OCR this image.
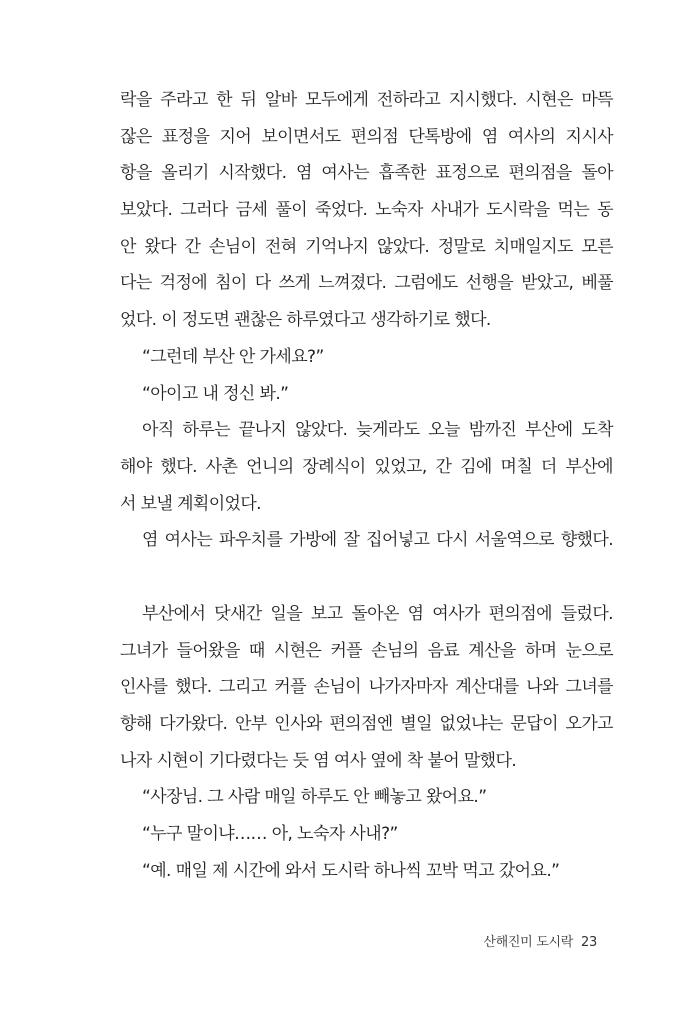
락을 주라고 한 뒤 알바 모두에게 전하라고 지시했다. 시현은 마뜩
잖은 표정을 지어 보이면서도 편의점 단톡방에 염 여사의 지시사
항을 올리기 시작했다. 염 여사는 흡족한 표정으로 편의점을 돌아
보았다. 그러다 금세 풀이 죽었다. 노숙자 사내가 도시락을 먹는 동
안 왔다 간 손님이 전혀 기억나지 않았다. 정말로 치매일지도 모른
다는 걱정에 침이 다 쓰게 느껴졌다. 그럼에도 선행을 받았고, 베풀
었다. 이 정도면 괜찮은 하루였다고 생각하기로 했다.
“그런데 부산 안 가세요?”
“아이고 내 정신 봐.”
아직 하루는 끝나지 않았다. 늦게라도 오늘 밤까진 부산에 도착
해야 했다. 사촌 언니의 장례식이 있었고, 간 김에 며칠 더 부산에
서 보낼 계획이었다.
염 여사는 파우치를 가방에 잘 집어넣고 다시 서울역으로 향했다.
부산에서 닷새간 일을 보고 돌아온 염 여사가 편의점에 들렀다.
그녀가 들어왔을 때 시현은 커플 손님의 음료 계산을 하며 눈으로
인사를 했다. 그리고 커플 손님이 나가자마자 계산대를 나와 그녀를
향해 다가왔다. 안부 인사와 편의점엔 별일 없었냐는 문답이 오가고
나자 시현이 기다렸다는 듯 염 여사 옆에 착 붙어 말했다.
“사장님. 그 사람 매일 하루도 안 빼놓고 왔어요.”
“누구 말이냐…… 아, 노숙자 사내?”
“예. 매일 제 시간에 와서 도시락 하나씩 꼬박 먹고 갔어요.”
산해진미 도시락 23
